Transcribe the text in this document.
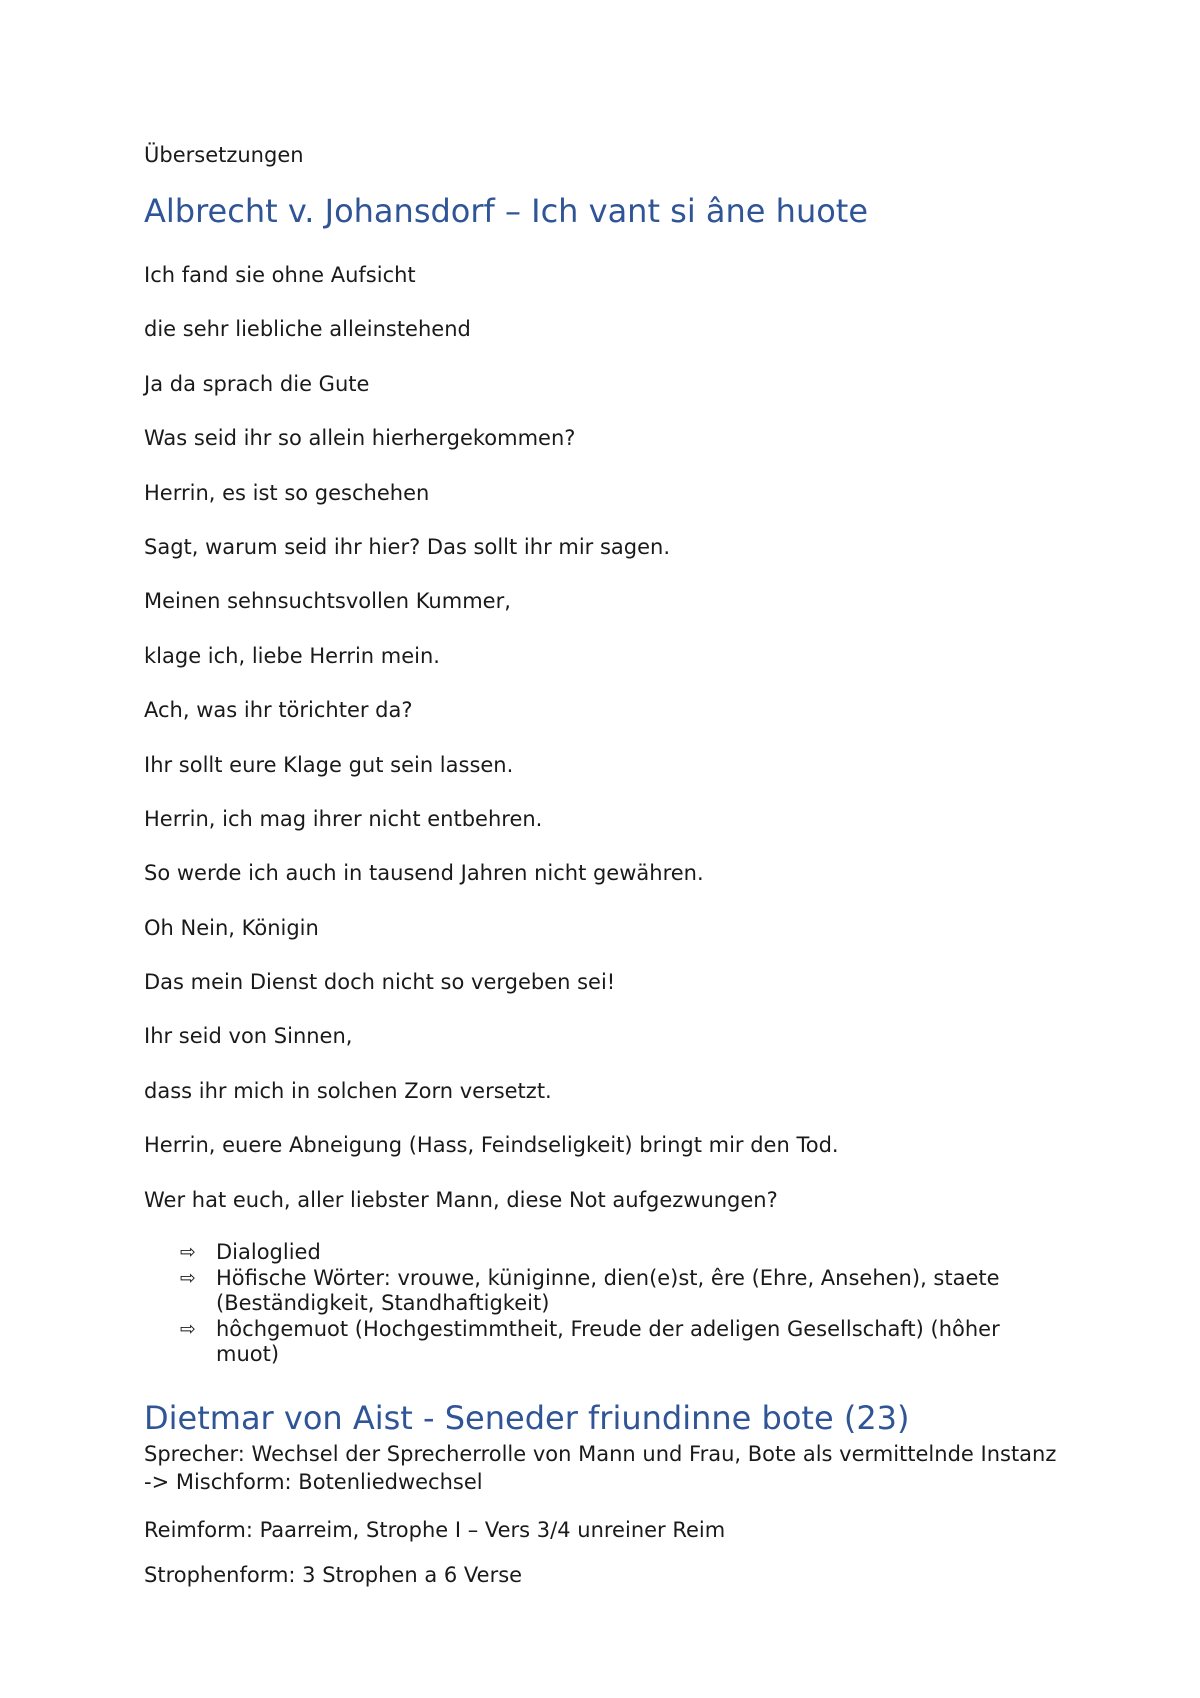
Übersetzungen

Albrecht v. Johansdorf – Ich vant si âne huote
Ich fand sie ohne Aufsicht
die sehr liebliche alleinstehend
Ja da sprach die Gute
Was seid ihr so allein hierhergekommen?
Herrin, es ist so geschehen
Sagt, warum seid ihr hier? Das sollt ihr mir sagen.
Meinen sehnsuchtsvollen Kummer,
klage ich, liebe Herrin mein.
Ach, was ihr törichter da?
Ihr sollt eure Klage gut sein lassen.
Herrin, ich mag ihrer nicht entbehren.
So werde ich auch in tausend Jahren nicht gewähren.
Oh Nein, Königin
Das mein Dienst doch nicht so vergeben sei!
Ihr seid von Sinnen,
dass ihr mich in solchen Zorn versetzt.
Herrin, euere Abneigung (Hass, Feindseligkeit) bringt mir den Tod.
Wer hat euch, aller liebster Mann, diese Not aufgezwungen?
⇨ Dialoglied
⇨ Höfische Wörter: vrouwe, küniginne, dien(e)st, êre (Ehre, Ansehen), staete (Beständigkeit, Standhaftigkeit)
⇨ hôchgemuot (Hochgestimmtheit, Freude der adeligen Gesellschaft) (hôher muot)
Dietmar von Aist - Seneder friundinne bote (23)

Sprecher: Wechsel der Sprecherrolle von Mann und Frau, Bote als vermittelnde Instanz -> Mischform: Botenliedwechsel

Reimform: Paarreim, Strophe I – Vers 3/4 unreiner Reim

Strophenform: 3 Strophen a 6 Verse
